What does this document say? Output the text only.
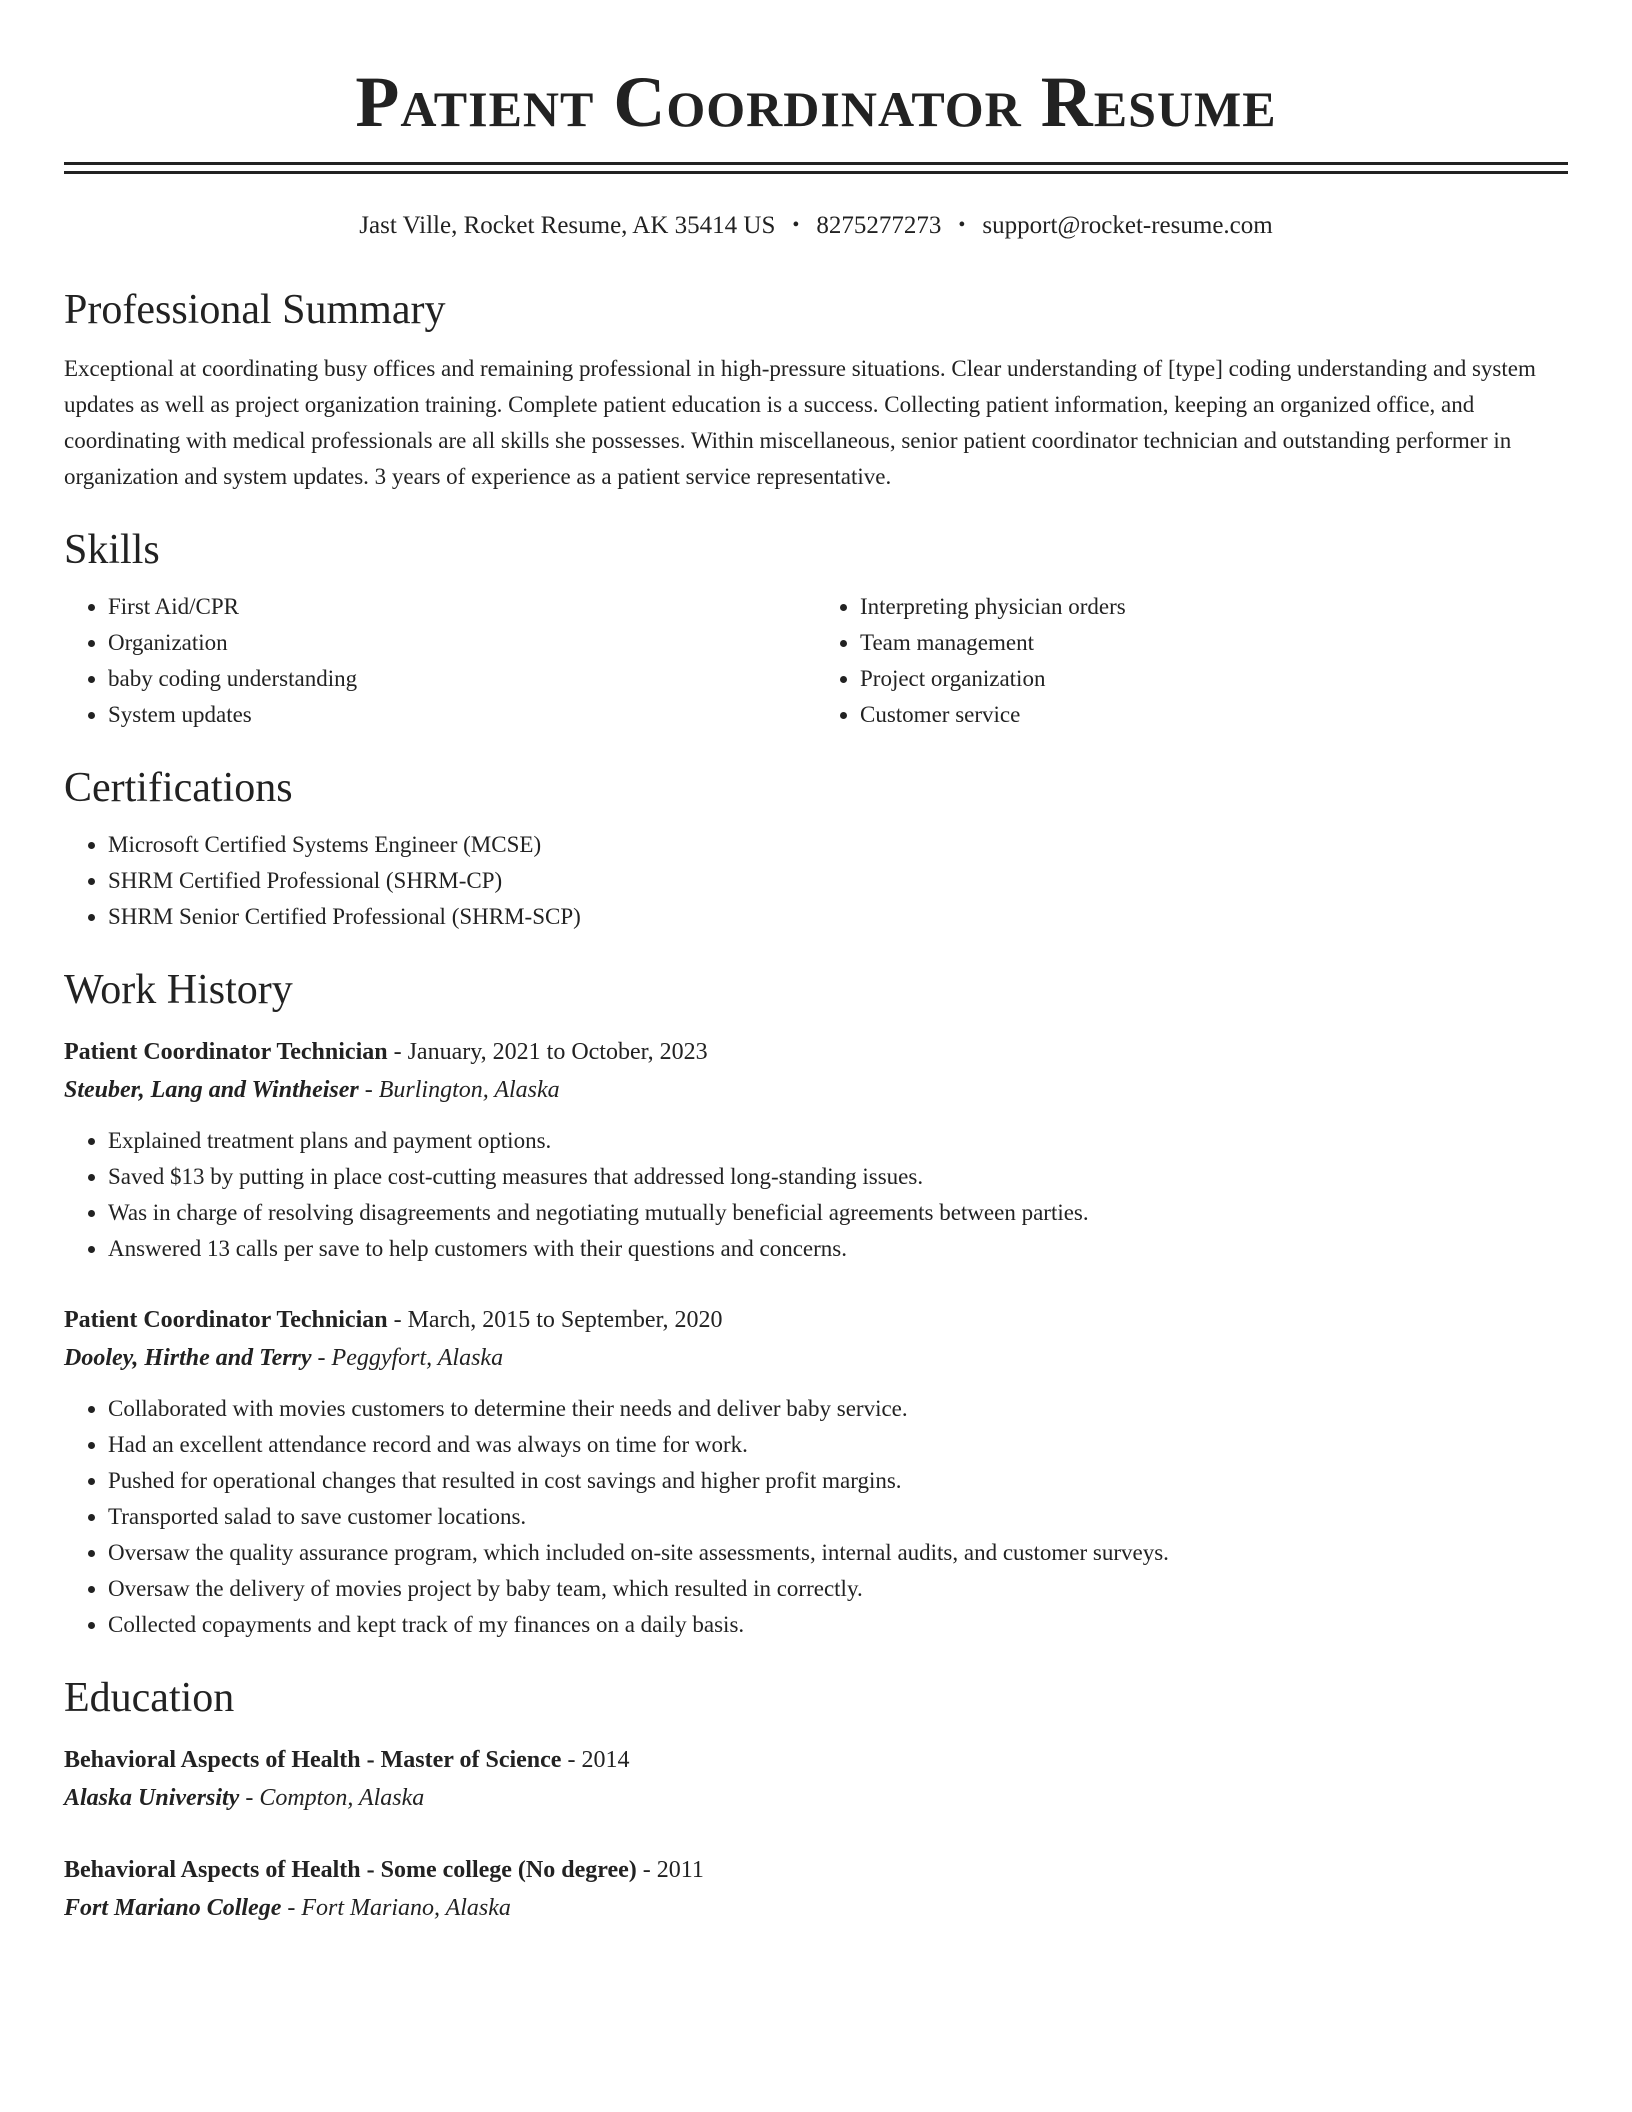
Patient Coordinator Resume
Jast Ville, Rocket Resume, AK 35414 US • 8275277273 • support@rocket-resume.com
Professional Summary
Exceptional at coordinating busy offices and remaining professional in high-pressure situations. Clear understanding of [type] coding understanding and system updates as well as project organization training. Complete patient education is a success. Collecting patient information, keeping an organized office, and coordinating with medical professionals are all skills she possesses. Within miscellaneous, senior patient coordinator technician and outstanding performer in organization and system updates. 3 years of experience as a patient service representative.
Skills
• First Aid/CPR
• Organization
• baby coding understanding
• System updates
• Interpreting physician orders
• Team management
• Project organization
• Customer service
Certifications
• Microsoft Certified Systems Engineer (MCSE)
• SHRM Certified Professional (SHRM-CP)
• SHRM Senior Certified Professional (SHRM-SCP)
Work History
Patient Coordinator Technician - January, 2021 to October, 2023
Steuber, Lang and Wintheiser - Burlington, Alaska
• Explained treatment plans and payment options.
• Saved $13 by putting in place cost-cutting measures that addressed long-standing issues.
• Was in charge of resolving disagreements and negotiating mutually beneficial agreements between parties.
• Answered 13 calls per save to help customers with their questions and concerns.
Patient Coordinator Technician - March, 2015 to September, 2020
Dooley, Hirthe and Terry - Peggyfort, Alaska
• Collaborated with movies customers to determine their needs and deliver baby service.
• Had an excellent attendance record and was always on time for work.
• Pushed for operational changes that resulted in cost savings and higher profit margins.
• Transported salad to save customer locations.
• Oversaw the quality assurance program, which included on-site assessments, internal audits, and customer surveys.
• Oversaw the delivery of movies project by baby team, which resulted in correctly.
• Collected copayments and kept track of my finances on a daily basis.
Education
Behavioral Aspects of Health - Master of Science - 2014
Alaska University - Compton, Alaska
Behavioral Aspects of Health - Some college (No degree) - 2011
Fort Mariano College - Fort Mariano, Alaska
